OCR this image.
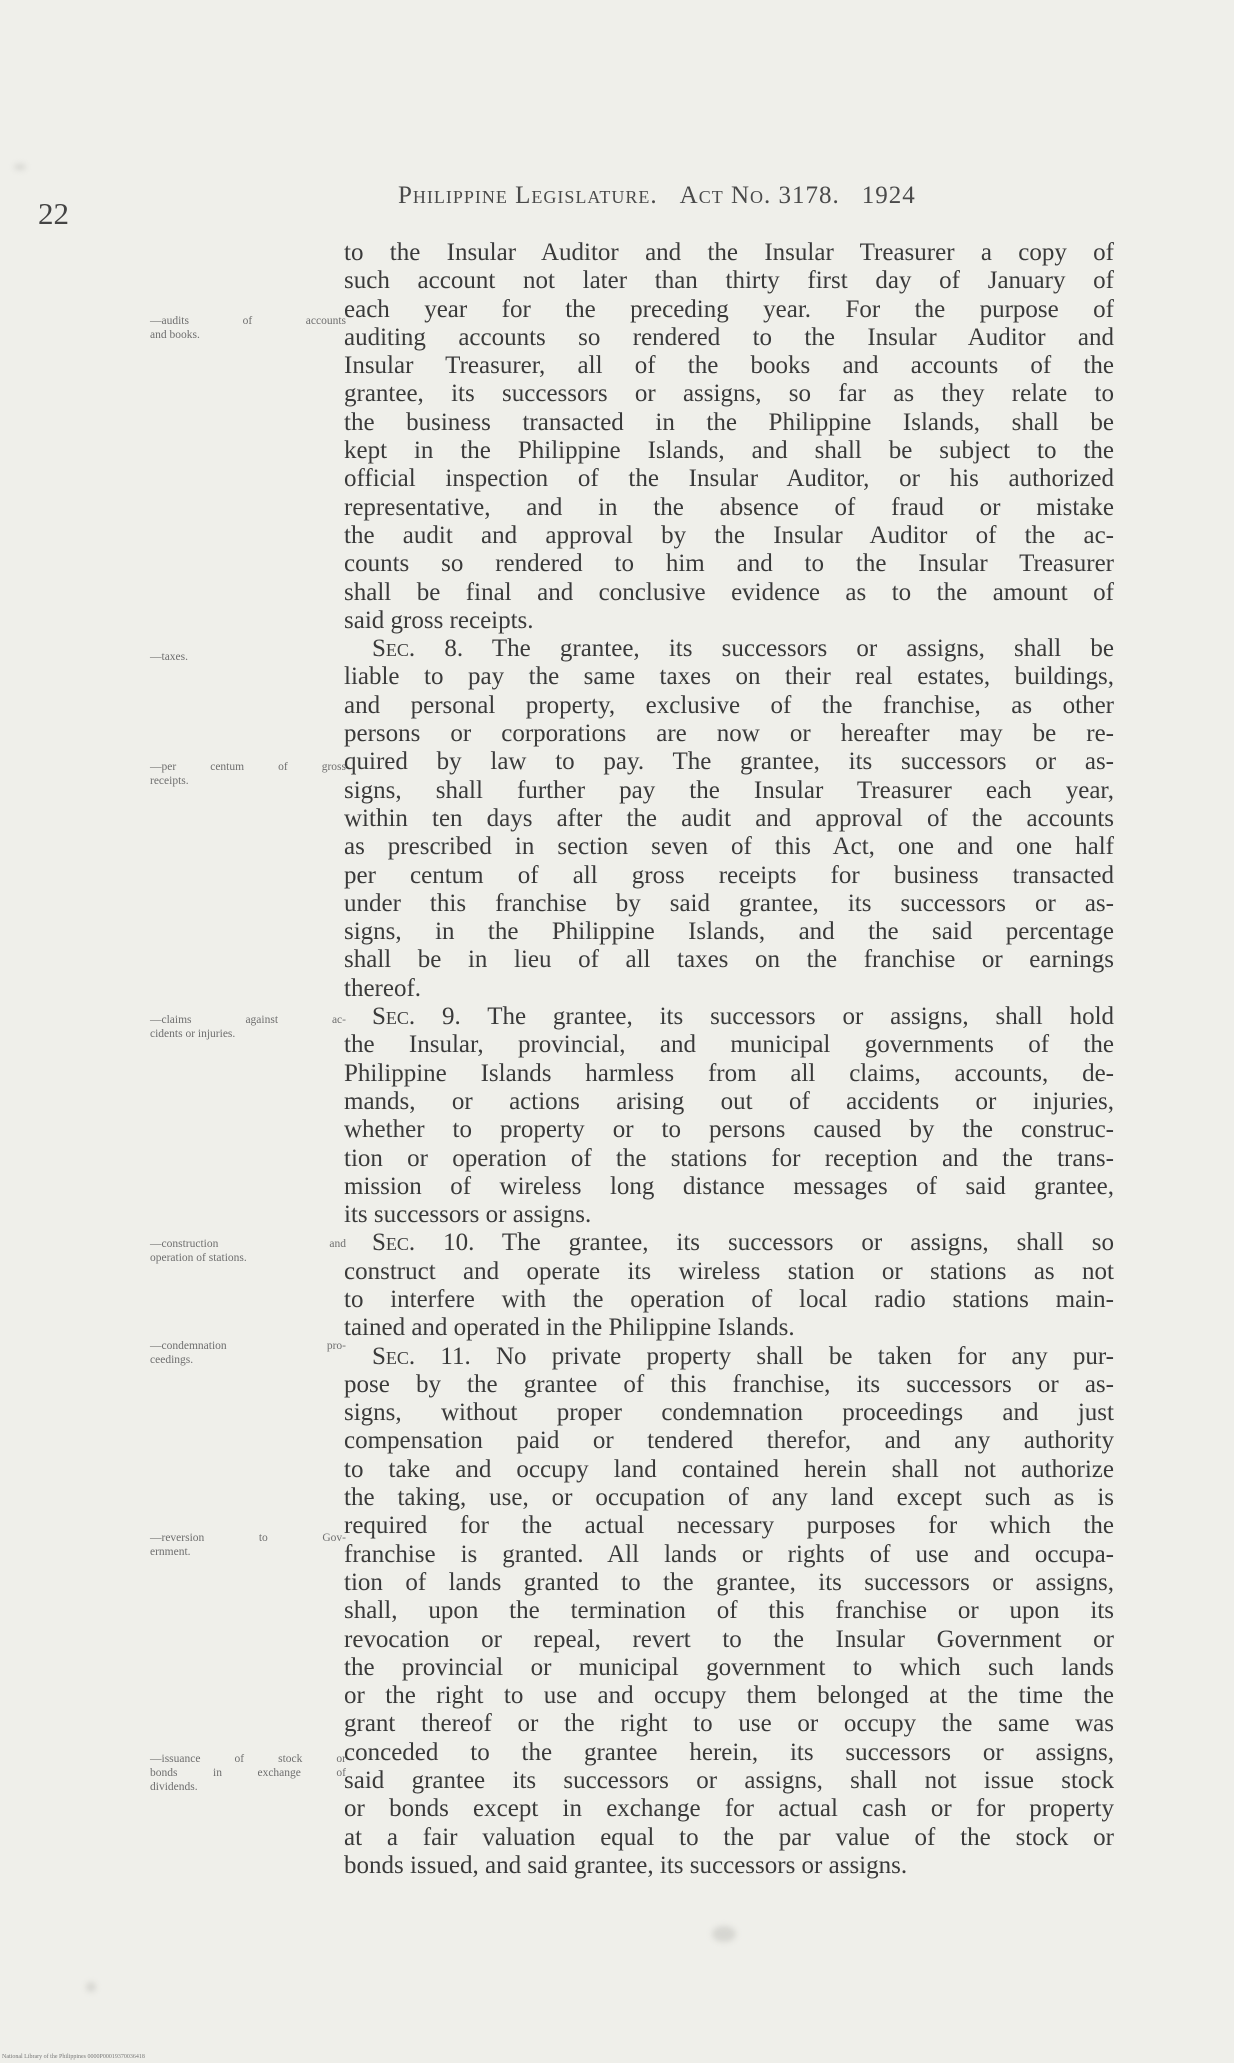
22
Philippine Legislature. Act No. 3178. 1924
—audits of accounts
and books.
—taxes.
—per centum of gross
receipts.
—claims against ac-
cidents or injuries.
—construction and
operation of stations.
—condemnation pro-
ceedings.
—reversion to Gov-
ernment.
—issuance of stock or
bonds in exchange of
dividends.
to the Insular Auditor and the Insular Treasurer a copy of
such account not later than thirty first day of January of
each year for the preceding year. For the purpose of
auditing accounts so rendered to the Insular Auditor and
Insular Treasurer, all of the books and accounts of the
grantee, its successors or assigns, so far as they relate to
the business transacted in the Philippine Islands, shall be
kept in the Philippine Islands, and shall be subject to the
official inspection of the Insular Auditor, or his authorized
representative, and in the absence of fraud or mistake
the audit and approval by the Insular Auditor of the ac-
counts so rendered to him and to the Insular Treasurer
shall be final and conclusive evidence as to the amount of
said gross receipts.
Sec. 8. The grantee, its successors or assigns, shall be
liable to pay the same taxes on their real estates, buildings,
and personal property, exclusive of the franchise, as other
persons or corporations are now or hereafter may be re-
quired by law to pay. The grantee, its successors or as-
signs, shall further pay the Insular Treasurer each year,
within ten days after the audit and approval of the accounts
as prescribed in section seven of this Act, one and one half
per centum of all gross receipts for business transacted
under this franchise by said grantee, its successors or as-
signs, in the Philippine Islands, and the said percentage
shall be in lieu of all taxes on the franchise or earnings
thereof.
Sec. 9. The grantee, its successors or assigns, shall hold
the Insular, provincial, and municipal governments of the
Philippine Islands harmless from all claims, accounts, de-
mands, or actions arising out of accidents or injuries,
whether to property or to persons caused by the construc-
tion or operation of the stations for reception and the trans-
mission of wireless long distance messages of said grantee,
its successors or assigns.
Sec. 10. The grantee, its successors or assigns, shall so
construct and operate its wireless station or stations as not
to interfere with the operation of local radio stations main-
tained and operated in the Philippine Islands.
Sec. 11. No private property shall be taken for any pur-
pose by the grantee of this franchise, its successors or as-
signs, without proper condemnation proceedings and just
compensation paid or tendered therefor, and any authority
to take and occupy land contained herein shall not authorize
the taking, use, or occupation of any land except such as is
required for the actual necessary purposes for which the
franchise is granted. All lands or rights of use and occupa-
tion of lands granted to the grantee, its successors or assigns,
shall, upon the termination of this franchise or upon its
revocation or repeal, revert to the Insular Government or
the provincial or municipal government to which such lands
or the right to use and occupy them belonged at the time the
grant thereof or the right to use or occupy the same was
conceded to the grantee herein, its successors or assigns,
said grantee its successors or assigns, shall not issue stock
or bonds except in exchange for actual cash or for property
at a fair valuation equal to the par value of the stock or
bonds issued, and said grantee, its successors or assigns.
National Library of the Philippines 0000P00019370036418
